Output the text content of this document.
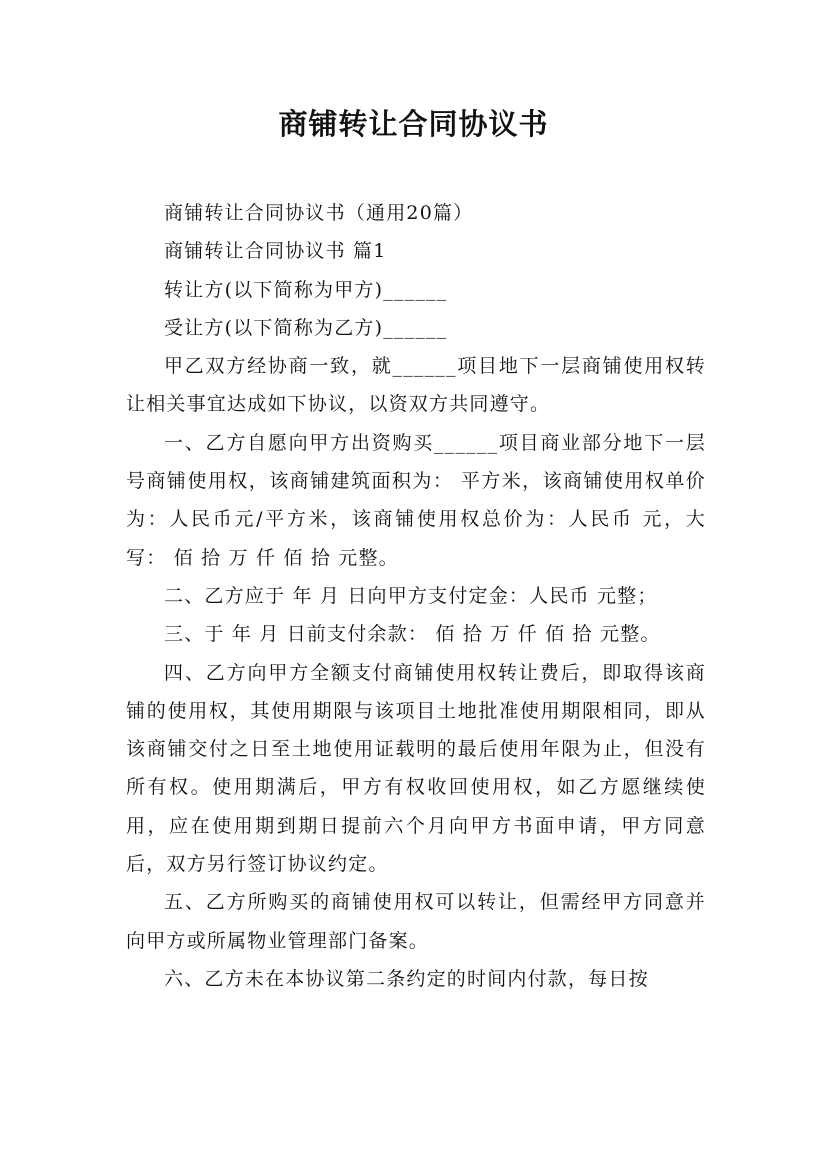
商铺转让合同协议书

商铺转让合同协议书（通用20篇）

商铺转让合同协议书 篇1

转让方(以下简称为甲方)______

受让方(以下简称为乙方)______

甲乙双方经协商一致，就______项目地下一层商铺使用权转让相关事宜达成如下协议，以资双方共同遵守。

一、乙方自愿向甲方出资购买______项目商业部分地下一层 号商铺使用权，该商铺建筑面积为： 平方米，该商铺使用权单价为：人民币元/平方米，该商铺使用权总价为：人民币 元，大写： 佰 拾 万 仟 佰 拾 元整。

二、乙方应于 年 月 日向甲方支付定金：人民币 元整；

三、于 年 月 日前支付余款： 佰 拾 万 仟 佰 拾 元整。

四、乙方向甲方全额支付商铺使用权转让费后，即取得该商铺的使用权，其使用期限与该项目土地批准使用期限相同，即从该商铺交付之日至土地使用证载明的最后使用年限为止，但没有所有权。使用期满后，甲方有权收回使用权，如乙方愿继续使用，应在使用期到期日提前六个月向甲方书面申请，甲方同意后，双方另行签订协议约定。

五、乙方所购买的商铺使用权可以转让，但需经甲方同意并向甲方或所属物业管理部门备案。

六、乙方未在本协议第二条约定的时间内付款，每日按
